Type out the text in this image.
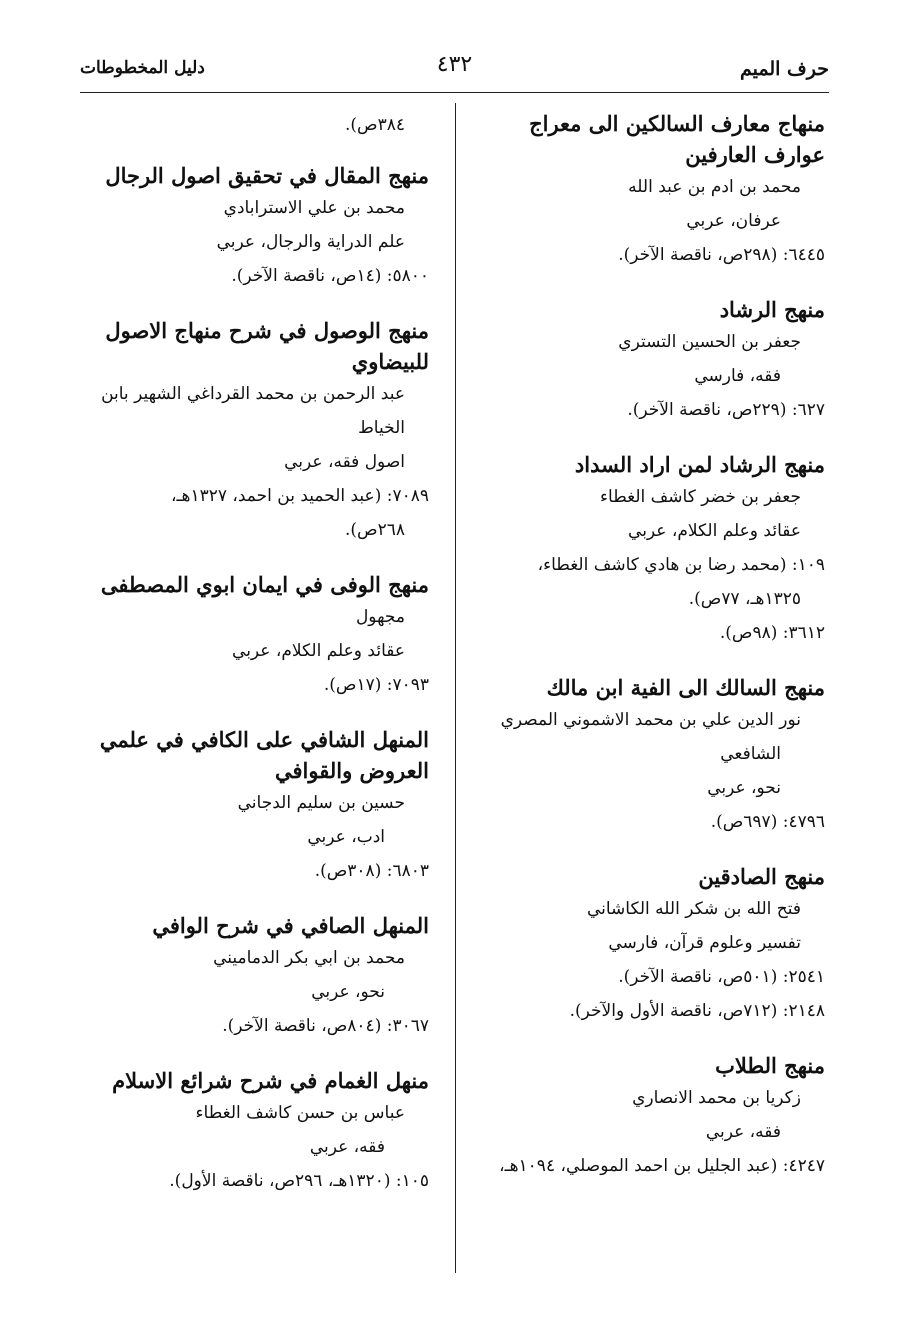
حرف الميم
٤٣٢
دليل المخطوطات
منهاج معارف السالكين الى معراج عوارف العارفين
محمد بن ادم بن عبد الله
عرفان، عربي
٦٤٤٥: (٢٩٨ص، ناقصة الآخر).
منهج الرشاد
جعفر بن الحسين التستري
فقه، فارسي
٦٢٧: (٢٢٩ص، ناقصة الآخر).
منهج الرشاد لمن اراد السداد
جعفر بن خضر كاشف الغطاء
عقائد وعلم الكلام، عربي
١٠٩: (محمد رضا بن هادي كاشف الغطاء،
١٣٢٥هـ، ٧٧ص).
٣٦١٢: (٩٨ص).
منهج السالك الى الفية ابن مالك
نور الدين علي بن محمد الاشموني المصري
الشافعي
نحو، عربي
٤٧٩٦: (٦٩٧ص).
منهج الصادقين
فتح الله بن شكر الله الكاشاني
تفسير وعلوم قرآن، فارسي
٢٥٤١: (٥٠١ص، ناقصة الآخر).
٢١٤٨: (٧١٢ص، ناقصة الأول والآخر).
منهج الطلاب
زكريا بن محمد الانصاري
فقه، عربي
٤٢٤٧: (عبد الجليل بن احمد الموصلي، ١٠٩٤هـ،
٣٨٤ص).
منهج المقال في تحقيق اصول الرجال
محمد بن علي الاسترابادي
علم الدراية والرجال، عربي
٥٨٠٠: (١٤ص، ناقصة الآخر).
منهج الوصول في شرح منهاج الاصول للبيضاوي
عبد الرحمن بن محمد القرداغي الشهير بابن
الخياط
اصول فقه، عربي
٧٠٨٩: (عبد الحميد بن احمد، ١٣٢٧هـ،
٢٦٨ص).
منهج الوفى في ايمان ابوي المصطفى
مجهول
عقائد وعلم الكلام، عربي
٧٠٩٣: (١٧ص).
المنهل الشافي على الكافي في علمي العروض والقوافي
حسين بن سليم الدجاني
ادب، عربي
٦٨٠٣: (٣٠٨ص).
المنهل الصافي في شرح الوافي
محمد بن ابي بكر الدماميني
نحو، عربي
٣٠٦٧: (٨٠٤ص، ناقصة الآخر).
منهل الغمام في شرح شرائع الاسلام
عباس بن حسن كاشف الغطاء
فقه، عربي
١٠٥: (١٣٢٠هـ، ٢٩٦ص، ناقصة الأول).
